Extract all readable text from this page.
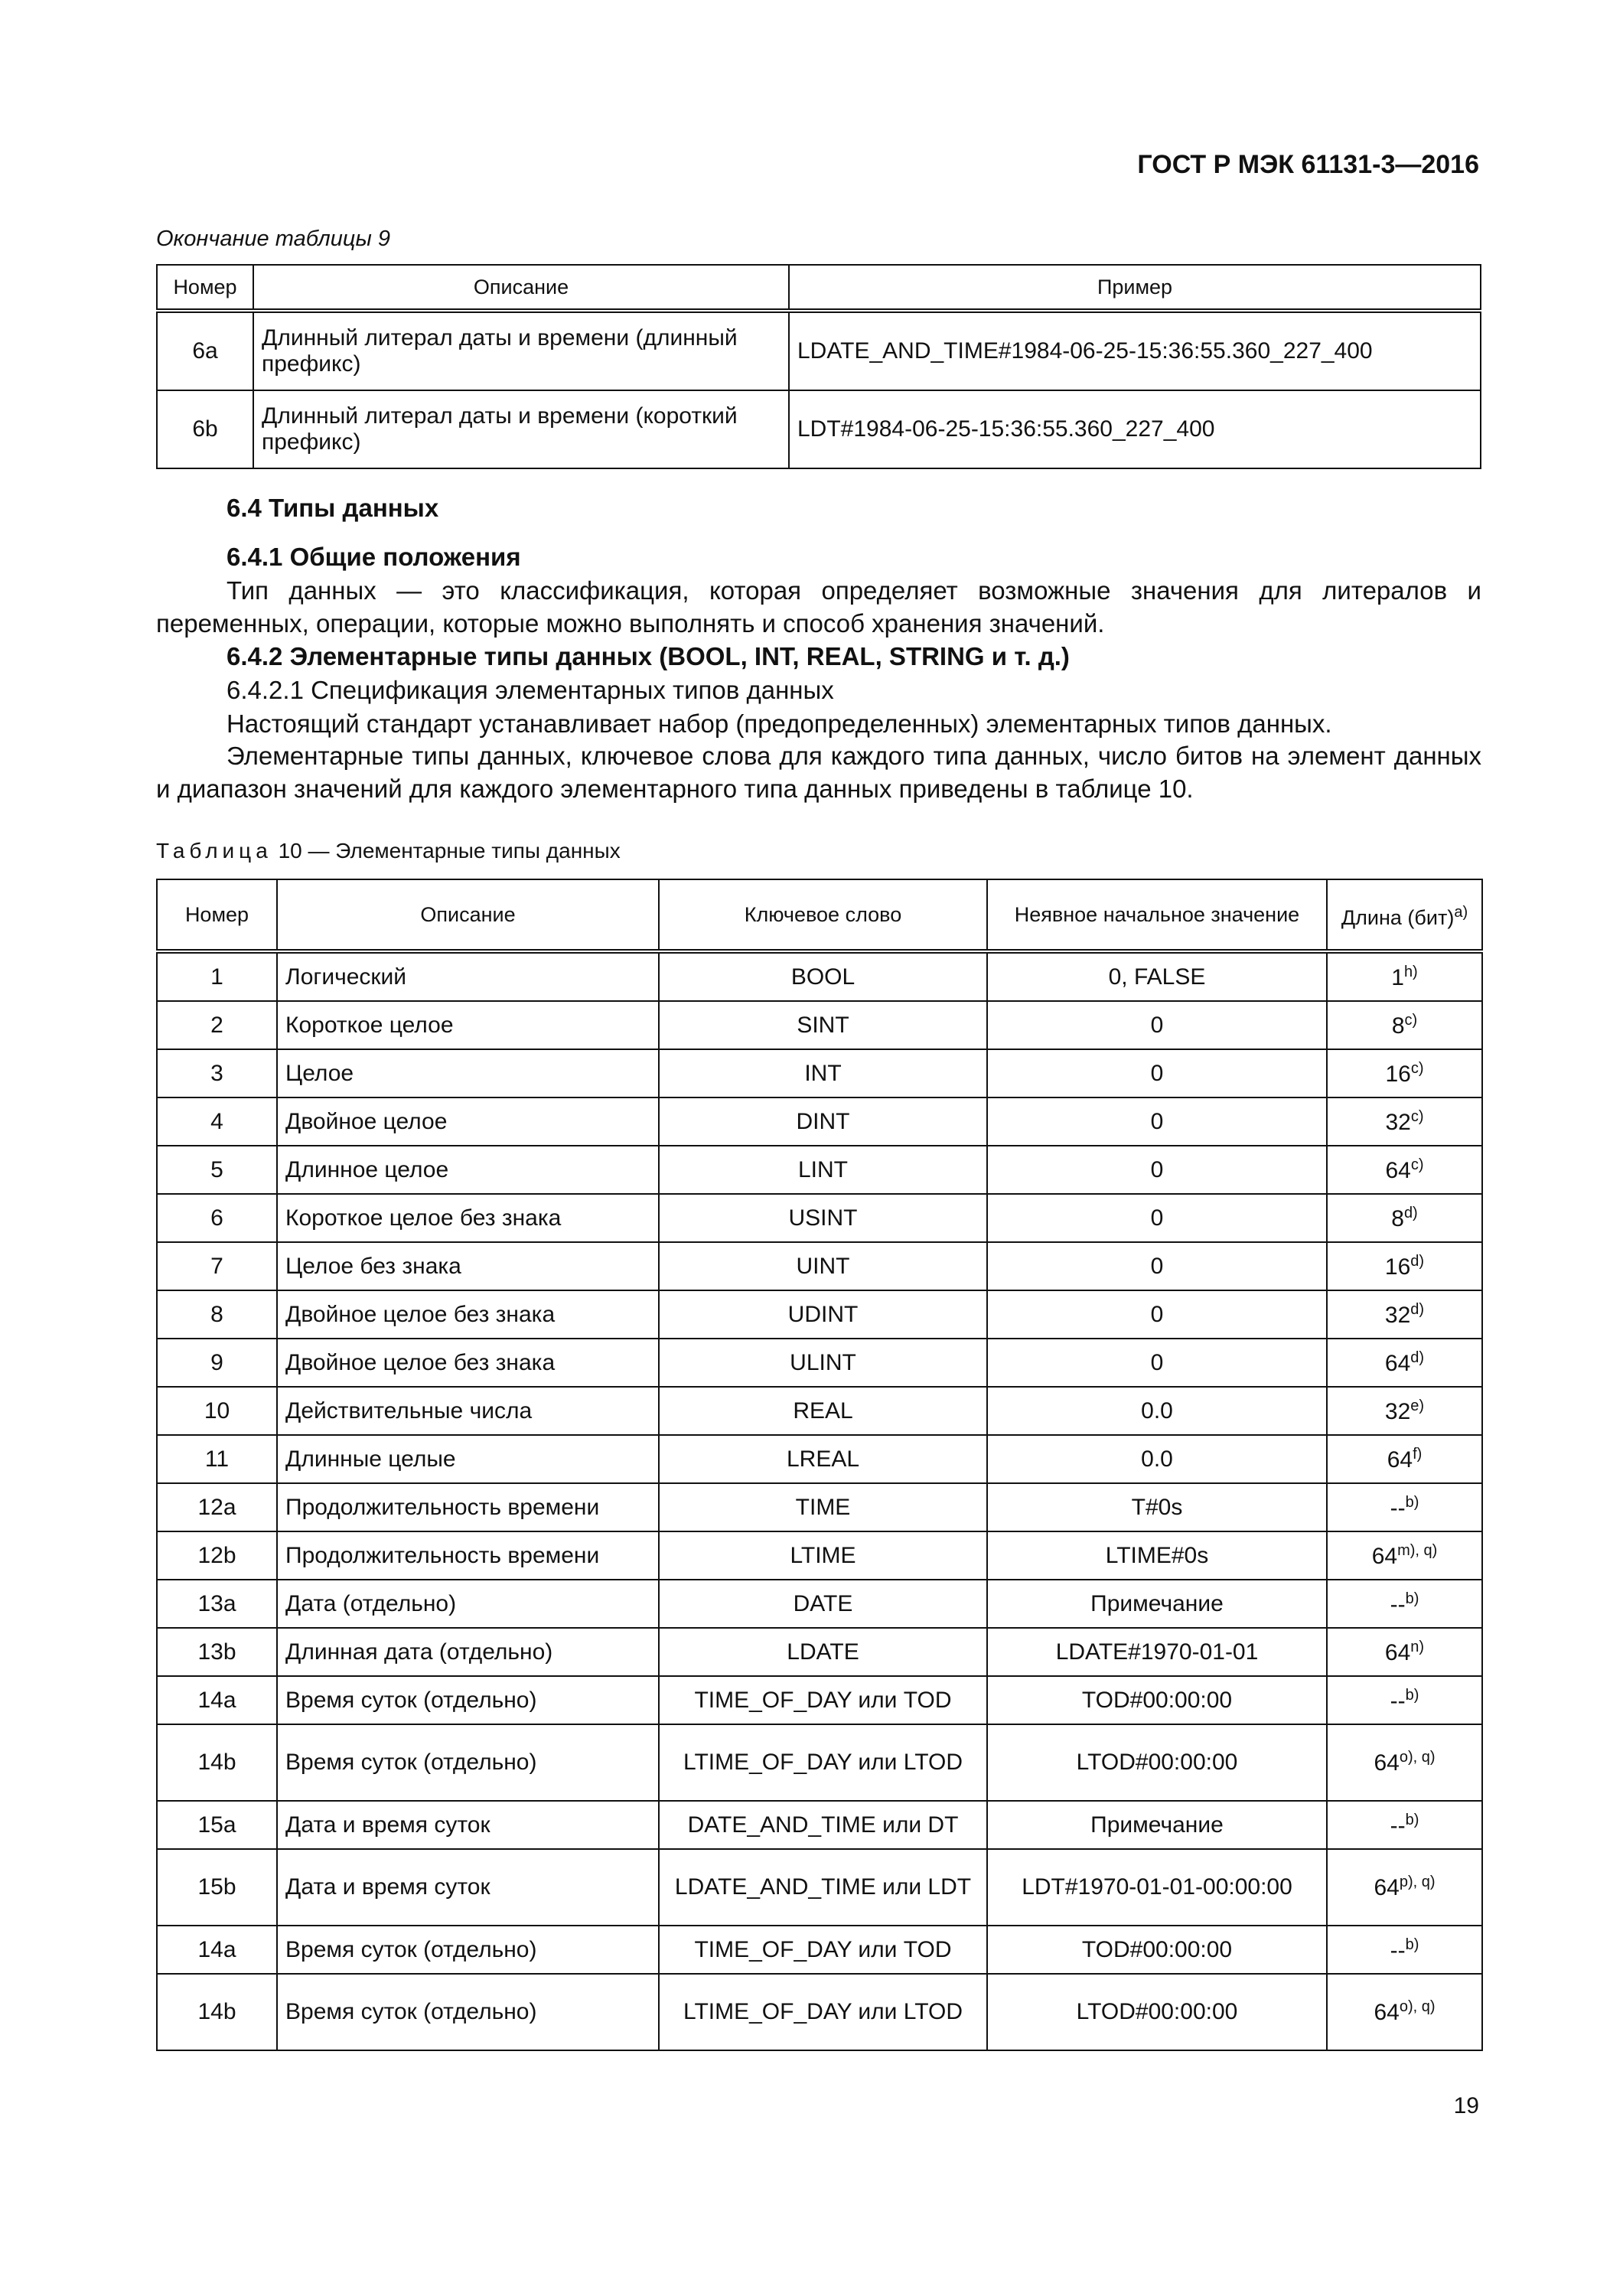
ГОСТ Р МЭК 61131-3—2016
Окончание таблицы 9
Номер	Описание	Пример
6a	Длинный литерал даты и времени (длинный префикс)	LDATE_AND_TIME#1984-06-25-15:36:55.360_227_400
6b	Длинный литерал даты и времени (короткий префикс)	LDT#1984-06-25-15:36:55.360_227_400
6.4 Типы данных
6.4.1 Общие положения
Тип данных — это классификация, которая определяет возможные значения для литералов и переменных, операции, которые можно выполнять и способ хранения значений.
6.4.2 Элементарные типы данных (BOOL, INT, REAL, STRING и т. д.)
6.4.2.1 Спецификация элементарных типов данных
Настоящий стандарт устанавливает набор (предопределенных) элементарных типов данных.
Элементарные типы данных, ключевое слова для каждого типа данных, число битов на элемент данных и диапазон значений для каждого элементарного типа данных приведены в таблице 10.
Таблица 10 — Элементарные типы данных
Номер	Описание	Ключевое слово	Неявное начальное значение	Длина (бит)$^{a)}$
1	Логический	BOOL	0, FALSE	1$^{h)}$
2	Короткое целое	SINT	0	8$^{c)}$
3	Целое	INT	0	16$^{c)}$
4	Двойное целое	DINT	0	32$^{c)}$
5	Длинное целое	LINT	0	64$^{c)}$
6	Короткое целое без знака	USINT	0	8$^{d)}$
7	Целое без знака	UINT	0	16$^{d)}$
8	Двойное целое без знака	UDINT	0	32$^{d)}$
9	Двойное целое без знака	ULINT	0	64$^{d)}$
10	Действительные числа	REAL	0.0	32$^{e)}$
11	Длинные целые	LREAL	0.0	64$^{f)}$
12a	Продолжительность времени	TIME	T#0s	--$^{b)}$
12b	Продолжительность времени	LTIME	LTIME#0s	$64^{m), q)}$
13a	Дата (отдельно)	DATE	Примечание	--$^{b)}$
13b	Длинная дата (отдельно)	LDATE	LDATE#1970-01-01	64$^{n)}$
14a	Время суток (отдельно)	TIME_OF_DAY или TOD	TOD#00:00:00	--$^{b)}$
14b	Время суток (отдельно)	LTIME_OF_DAY или LTOD	LTOD#00:00:00	$64^{o), q)}$
15a	Дата и время суток	DATE_AND_TIME или DT	Примечание	--$^{b)}$
15b	Дата и время суток	LDATE_AND_TIME или LDT	LDT#1970-01-01-00:00:00	$64^{p), q)}$
14a	Время суток (отдельно)	TIME_OF_DAY или TOD	TOD#00:00:00	--$^{b)}$
14b	Время суток (отдельно)	LTIME_OF_DAY или LTOD	LTOD#00:00:00	$64^{o), q)}$
19
